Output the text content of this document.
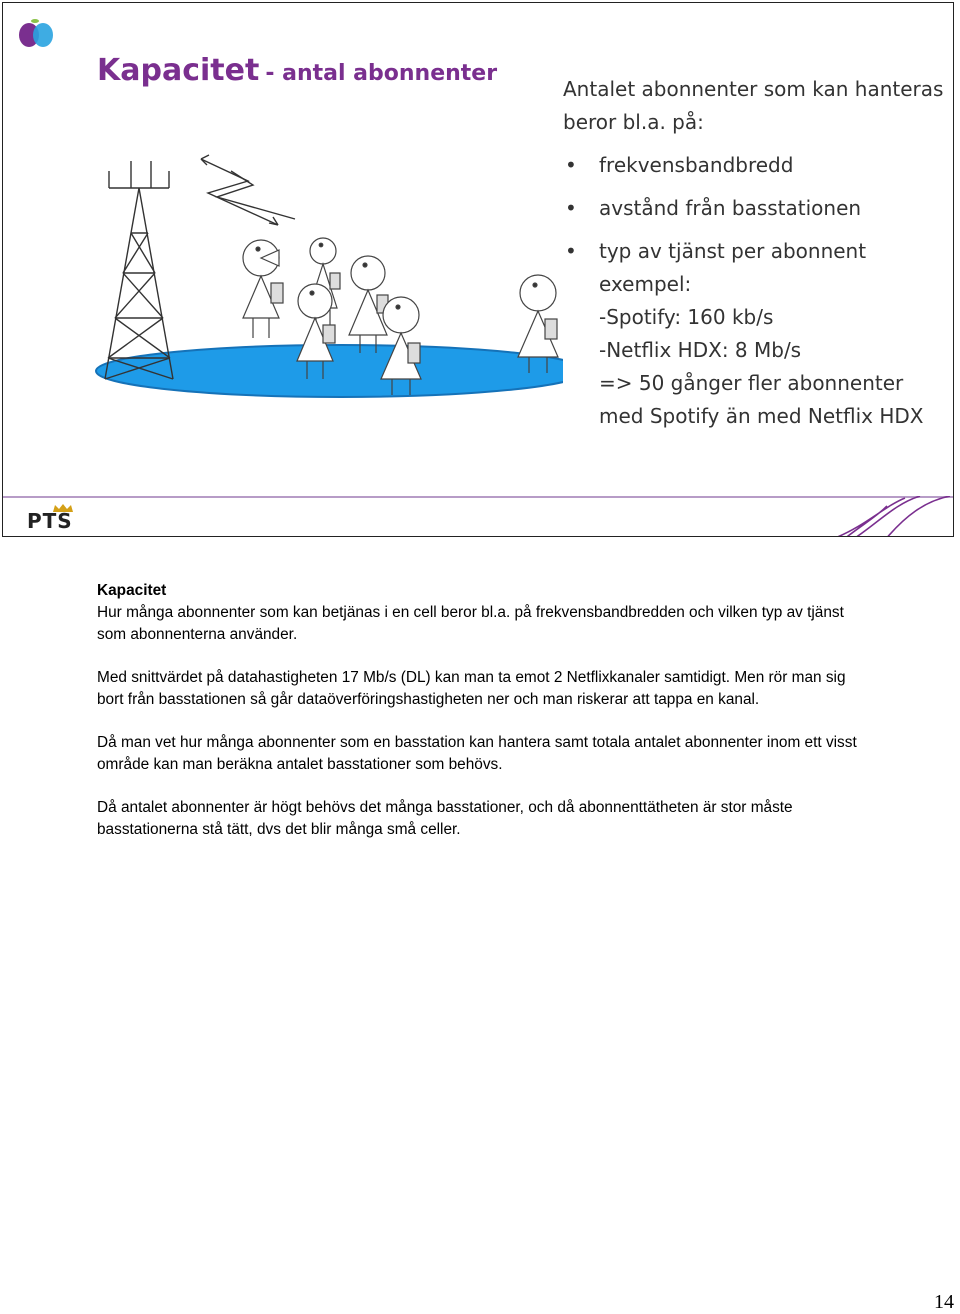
Kapacitet - antal abonnenter

Antalet abonnenter som kan hanteras beror bl.a. på:

• frekvensbandbredd
• avstånd från basstationen
• typ av tjänst per abonnent
exempel:
-Spotify: 160 kb/s
-Netflix HDX: 8 Mb/s
=> 50 gånger fler abonnenter med Spotify än med Netflix HDX
PTS

Kapacitet
Hur många abonnenter som kan betjänas i en cell beror bl.a. på frekvensbandbredden och vilken typ av tjänst som abonnenterna använder.

Med snittvärdet på datahastigheten 17 Mb/s (DL) kan man ta emot 2 Netflixkanaler samtidigt. Men rör man sig bort från basstationen så går dataöverföringshastigheten ner och man riskerar att tappa en kanal.

Då man vet hur många abonnenter som en basstation kan hantera samt totala antalet abonnenter inom ett visst område kan man beräkna antalet basstationer som behövs.

Då antalet abonnenter är högt behövs det många basstationer, och då abonnenttätheten är stor måste basstationerna stå tätt, dvs det blir många små celler.

14
